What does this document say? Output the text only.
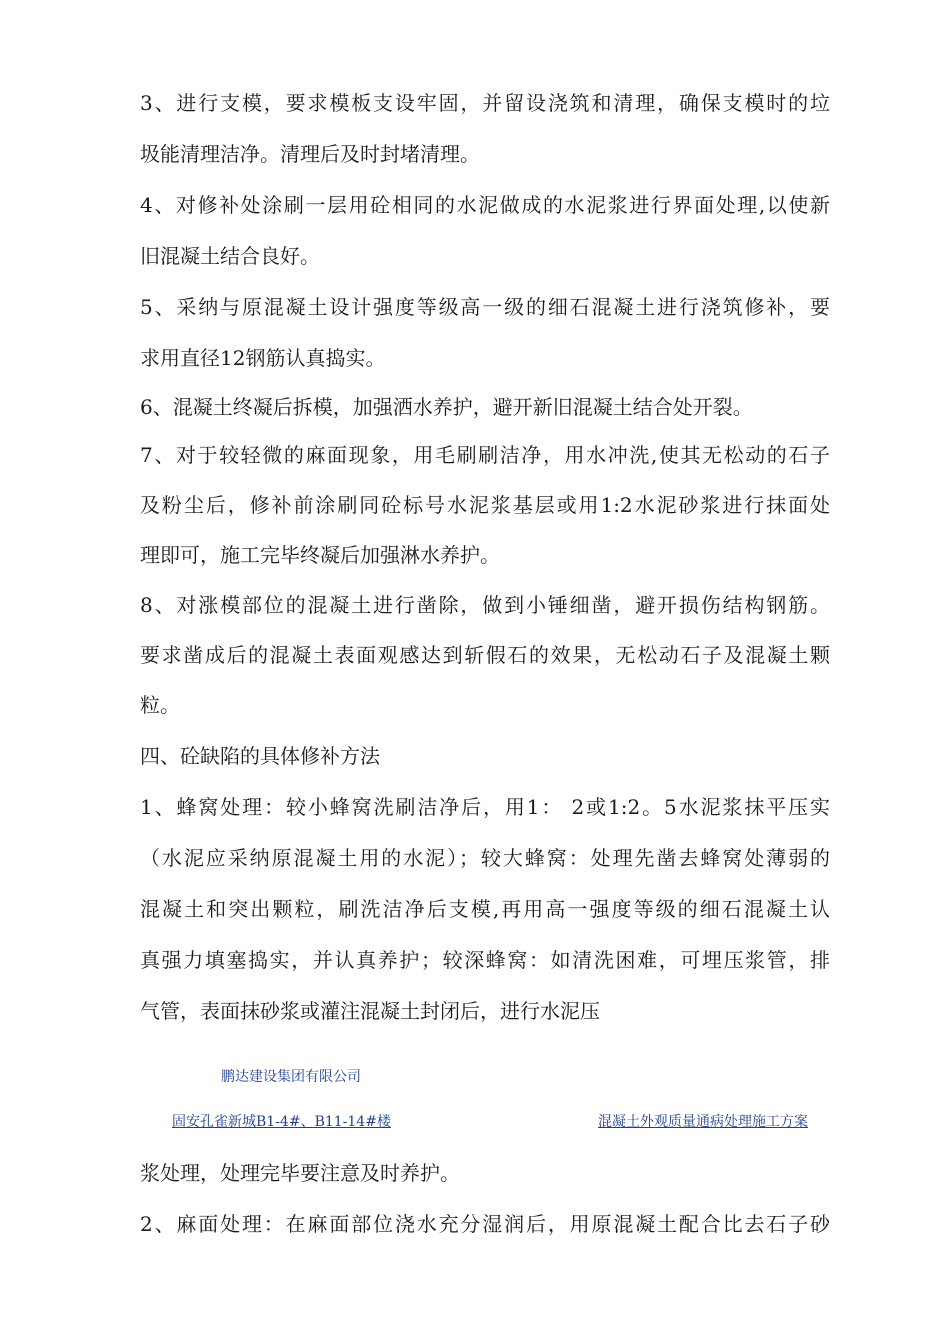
3、进行支模，要求模板支设牢固，并留设浇筑和清理，确保支模时的垃
圾能清理洁净。清理后及时封堵清理。
4、对修补处涂刷一层用砼相同的水泥做成的水泥浆进行界面处理,以使新
旧混凝土结合良好。
5、采纳与原混凝土设计强度等级高一级的细石混凝土进行浇筑修补，要
求用直径12钢筋认真捣实。
6、混凝土终凝后拆模，加强洒水养护，避开新旧混凝土结合处开裂。
7、对于较轻微的麻面现象，用毛刷刷洁净，用水冲洗,使其无松动的石子
及粉尘后，修补前涂刷同砼标号水泥浆基层或用1:2水泥砂浆进行抹面处
理即可，施工完毕终凝后加强淋水养护。
8、对涨模部位的混凝土进行凿除，做到小锤细凿，避开损伤结构钢筋。
要求凿成后的混凝土表面观感达到斩假石的效果，无松动石子及混凝土颗
粒。
四、砼缺陷的具体修补方法
1、蜂窝处理：较小蜂窝洗刷洁净后，用1： 2或1:2。5水泥浆抹平压实
（水泥应采纳原混凝土用的水泥）；较大蜂窝：处理先凿去蜂窝处薄弱的
混凝土和突出颗粒，刷洗洁净后支模,再用高一强度等级的细石混凝土认
真强力填塞捣实，并认真养护；较深蜂窝：如清洗困难，可埋压浆管，排
气管，表面抹砂浆或灌注混凝土封闭后，进行水泥压
鹏达建设集团有限公司
固安孔雀新城B1-4#、B11-14#楼	混凝土外观质量通病处理施工方案
浆处理，处理完毕要注意及时养护。
2、麻面处理：在麻面部位浇水充分湿润后，用原混凝土配合比去石子砂
